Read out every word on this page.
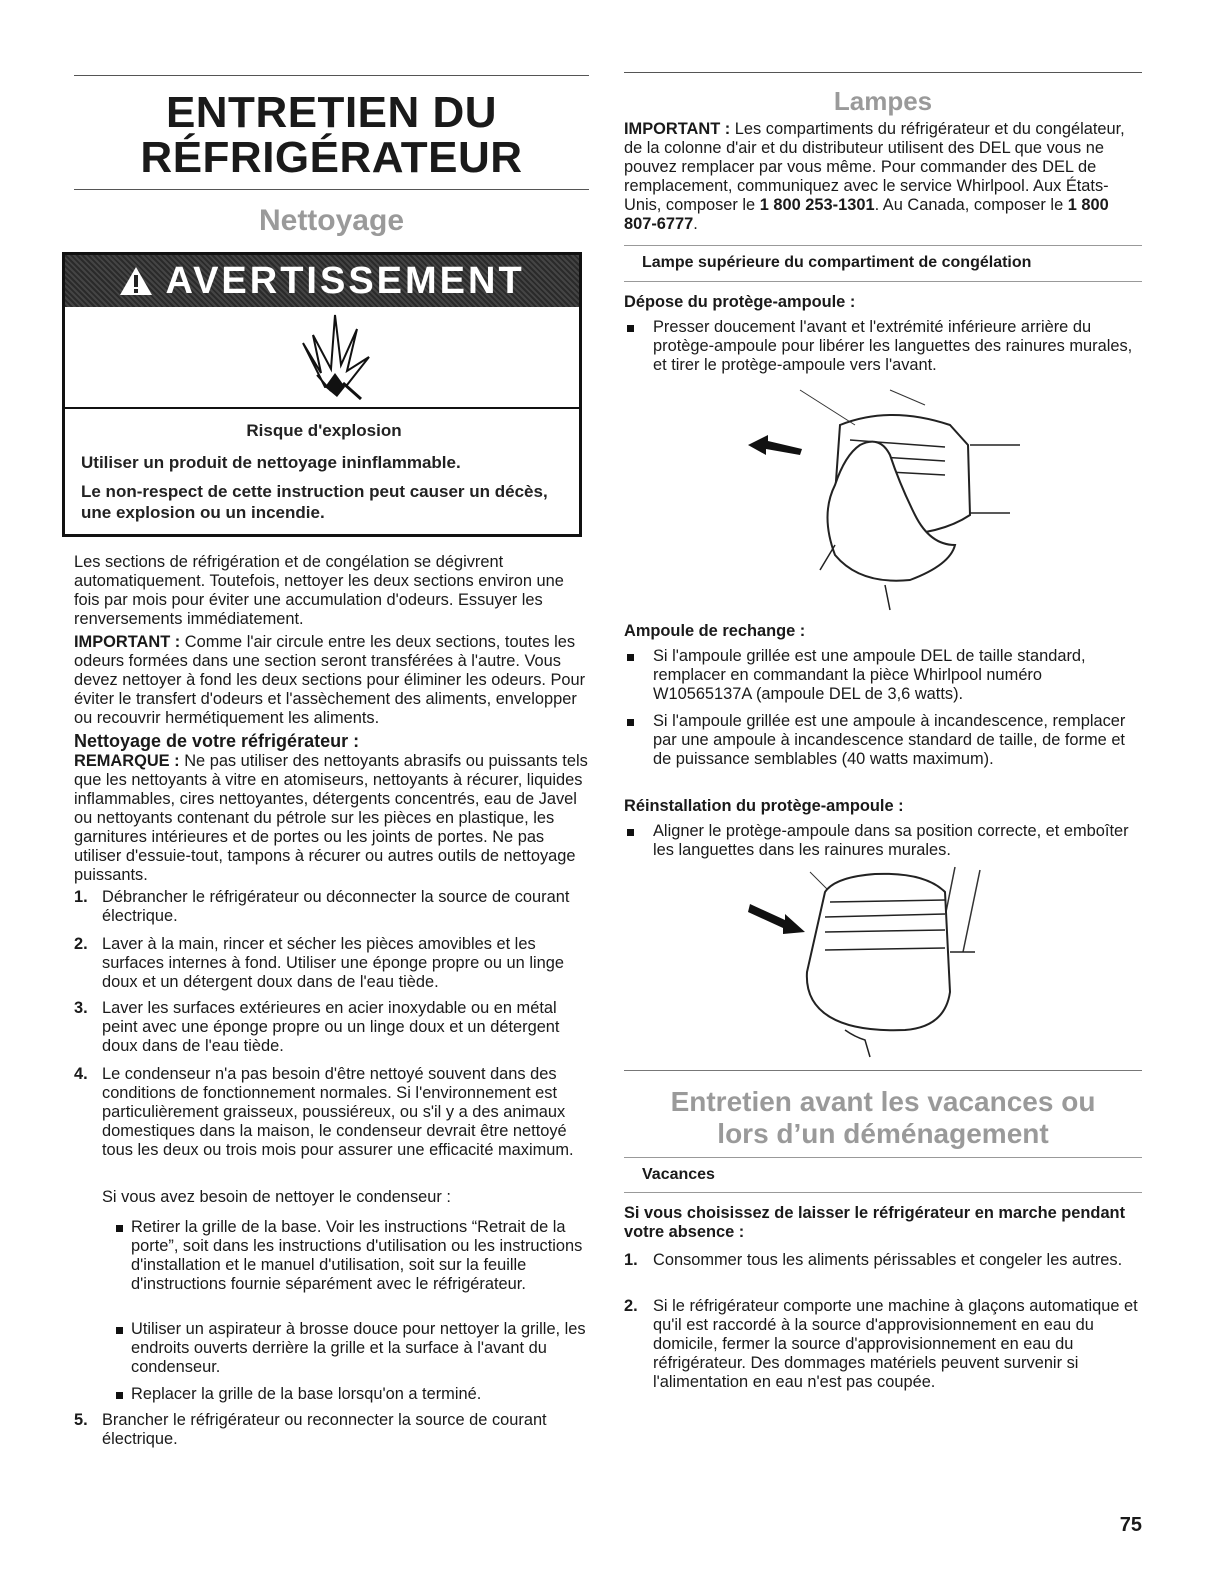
ENTRETIEN DU
RÉFRIGÉRATEUR
Nettoyage
AVERTISSEMENT
Risque d'explosion
Utiliser un produit de nettoyage ininflammable.
Le non-respect de cette instruction peut causer un décès, une explosion ou un incendie.

Les sections de réfrigération et de congélation se dégivrent automatiquement. Toutefois, nettoyer les deux sections environ une fois par mois pour éviter une accumulation d'odeurs. Essuyer les renversements immédiatement.

IMPORTANT : Comme l'air circule entre les deux sections, toutes les odeurs formées dans une section seront transférées à l'autre. Vous devez nettoyer à fond les deux sections pour éliminer les odeurs. Pour éviter le transfert d'odeurs et l'assèchement des aliments, envelopper ou recouvrir hermétiquement les aliments.

Nettoyage de votre réfrigérateur :

REMARQUE : Ne pas utiliser des nettoyants abrasifs ou puissants tels que les nettoyants à vitre en atomiseurs, nettoyants à récurer, liquides inflammables, cires nettoyantes, détergents concentrés, eau de Javel ou nettoyants contenant du pétrole sur les pièces en plastique, les garnitures intérieures et de portes ou les joints de portes. Ne pas utiliser d'essuie-tout, tampons à récurer ou autres outils de nettoyage puissants.

1. Débrancher le réfrigérateur ou déconnecter la source de courant électrique.

2. Laver à la main, rincer et sécher les pièces amovibles et les surfaces internes à fond. Utiliser une éponge propre ou un linge doux et un détergent doux dans de l'eau tiède.

3. Laver les surfaces extérieures en acier inoxydable ou en métal peint avec une éponge propre ou un linge doux et un détergent doux dans de l'eau tiède.

4. Le condenseur n'a pas besoin d'être nettoyé souvent dans des conditions de fonctionnement normales. Si l'environnement est particulièrement graisseux, poussiéreux, ou s'il y a des animaux domestiques dans la maison, le condenseur devrait être nettoyé tous les deux ou trois mois pour assurer une efficacité maximum.

Si vous avez besoin de nettoyer le condenseur :

Retirer la grille de la base. Voir les instructions “Retrait de la porte”, soit dans les instructions d'utilisation ou les instructions d'installation et le manuel d'utilisation, soit sur la feuille d'instructions fournie séparément avec le réfrigérateur.

Utiliser un aspirateur à brosse douce pour nettoyer la grille, les endroits ouverts derrière la grille et la surface à l'avant du condenseur.

Replacer la grille de la base lorsqu'on a terminé.

5. Brancher le réfrigérateur ou reconnecter la source de courant électrique.

Lampes

IMPORTANT : Les compartiments du réfrigérateur et du congélateur, de la colonne d'air et du distributeur utilisent des DEL que vous ne pouvez remplacer par vous même. Pour commander des DEL de remplacement, communiquez avec le service Whirlpool. Aux États-Unis, composer le 1 800 253-1301. Au Canada, composer le 1 800 807-6777.

Lampe supérieure du compartiment de congélation
Dépose du protège-ampoule :

Presser doucement l'avant et l'extrémité inférieure arrière du protège-ampoule pour libérer les languettes des rainures murales, et tirer le protège-ampoule vers l'avant.

Ampoule de rechange :

Si l'ampoule grillée est une ampoule DEL de taille standard, remplacer en commandant la pièce Whirlpool numéro W10565137A (ampoule DEL de 3,6 watts).

Si l'ampoule grillée est une ampoule à incandescence, remplacer par une ampoule à incandescence standard de taille, de forme et de puissance semblables (40 watts maximum).

Réinstallation du protège-ampoule :

Aligner le protège-ampoule dans sa position correcte, et emboîter les languettes dans les rainures murales.

Entretien avant les vacances ou
lors d’un déménagement
Vacances

Si vous choisissez de laisser le réfrigérateur en marche pendant votre absence :

1. Consommer tous les aliments périssables et congeler les autres.

2. Si le réfrigérateur comporte une machine à glaçons automatique et qu'il est raccordé à la source d'approvisionnement en eau du domicile, fermer la source d'approvisionnement en eau du réfrigérateur. Des dommages matériels peuvent survenir si l'alimentation en eau n'est pas coupée.

75
